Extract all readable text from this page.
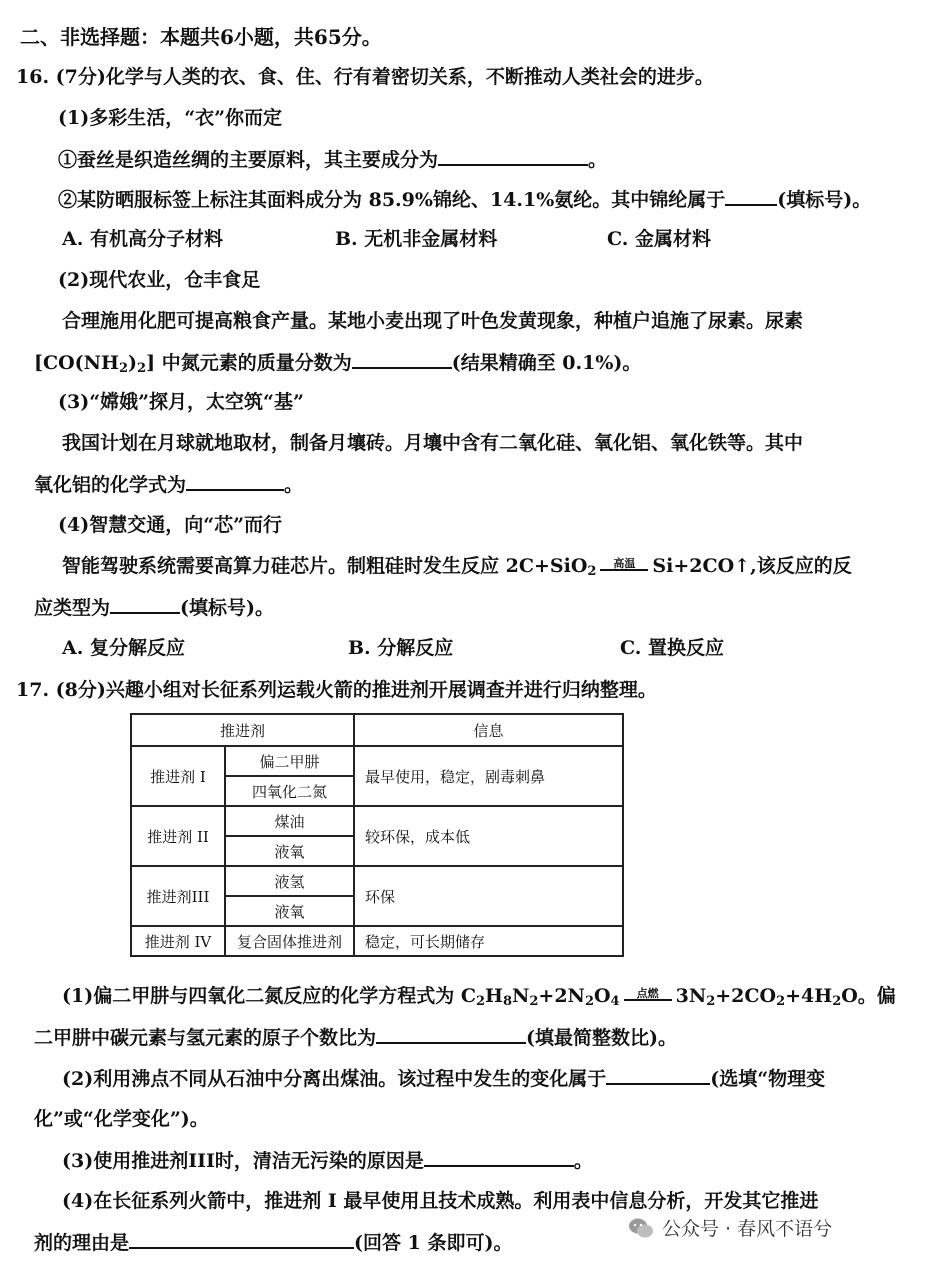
二、非选择题：本题共6小题，共65分。
16. (7分)化学与人类的衣、食、住、行有着密切关系，不断推动人类社会的进步。
(1)多彩生活，“衣”你而定
①蚕丝是织造丝绸的主要原料，其主要成分为	。
②某防晒服标签上标注其面料成分为 85.9%锦纶、14.1%氨纶。其中锦纶属于	(填标号)。
A. 有机高分子材料	B. 无机非金属材料	C. 金属材料
(2)现代农业，仓丰食足
合理施用化肥可提高粮食产量。某地小麦出现了叶色发黄现象，种植户追施了尿素。尿素
$[CO(NH_2)_2]$ 中氮元素的质量分数为	(结果精确至 0.1%)。
(3)“嫦娥”探月，太空筑“基”
我国计划在月球就地取材，制备月壤砖。月壤中含有二氧化硅、氧化铝、氧化铁等。其中
氧化铝的化学式为	。
(4)智慧交通，向“芯”而行
智能驾驶系统需要高算力硅芯片。制粗硅时发生反应 2C+SiO$_2$
高温 Si+2CO↑,该反应的反
应类型为	(填标号)。
A. 复分解反应	B. 分解反应	C. 置换反应
17. (8分)兴趣小组对长征系列运载火箭的推进剂开展调查并进行归纳整理。
推进剂		信息
推进剂 I	偏二甲肼	最早使用，稳定，剧毒刺鼻
	四氧化二氮	
推进剂 II	煤油	较环保，成本低
	液氧	
推进剂III	液氢	环保
	液氧	
推进剂 IV	复合固体推进剂	稳定，可长期储存
(1)偏二甲肼与四氧化二氮反应的化学方程式为 $C_2H_8N_2+2N_2O_4$
点燃 $3N_2+2CO_2+4H_2O$。偏
二甲肼中碳元素与氢元素的原子个数比为	(填最简整数比)。
(2)利用沸点不同从石油中分离出煤油。该过程中发生的变化属于	(选填“物理变
化”或“化学变化”)。
(3)使用推进剂III时，清洁无污染的原因是	。
(4)在长征系列火箭中，推进剂 I 最早使用且技术成熟。利用表中信息分析，开发其它推进
剂的理由是	(回答 1 条即可)。
公众号 · 春风不语兮
